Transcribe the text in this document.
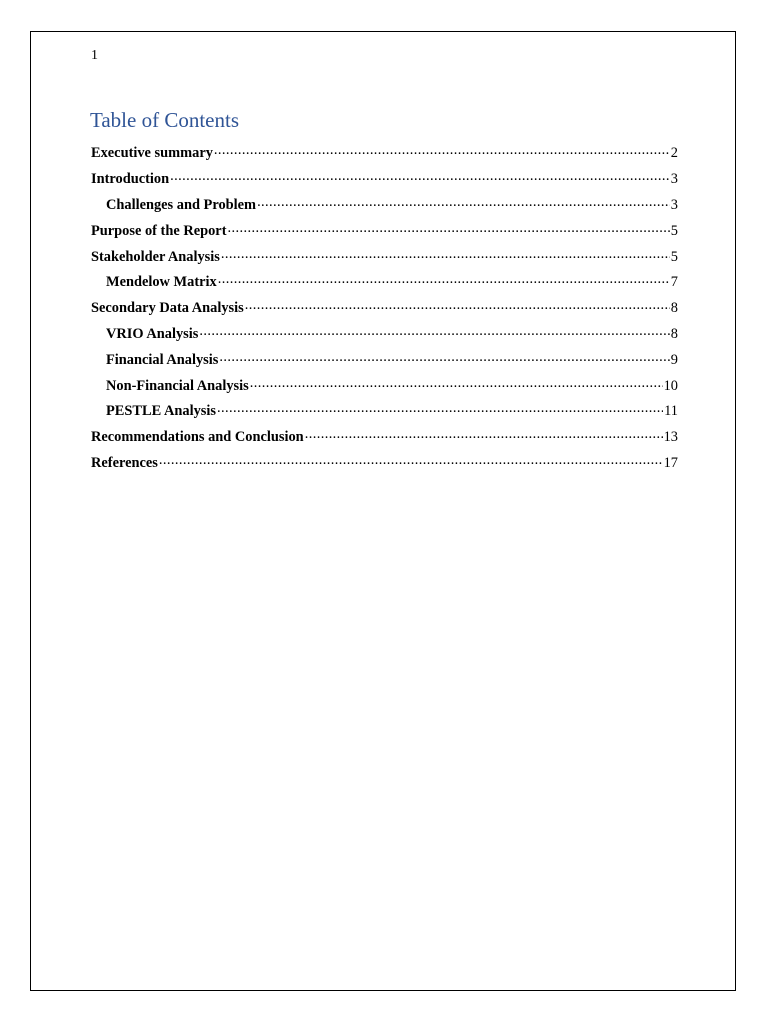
1
Table of Contents
Executive summary .....	2
Introduction .....	3
Challenges and Problem .....	3
Purpose of the Report .....	5
Stakeholder Analysis .....	5
Mendelow Matrix .....	7
Secondary Data Analysis .....	8
VRIO Analysis .....	8
Financial Analysis .....	9
Non-Financial Analysis .....	10
PESTLE Analysis .....	11
Recommendations and Conclusion .....	13
References .....	17
